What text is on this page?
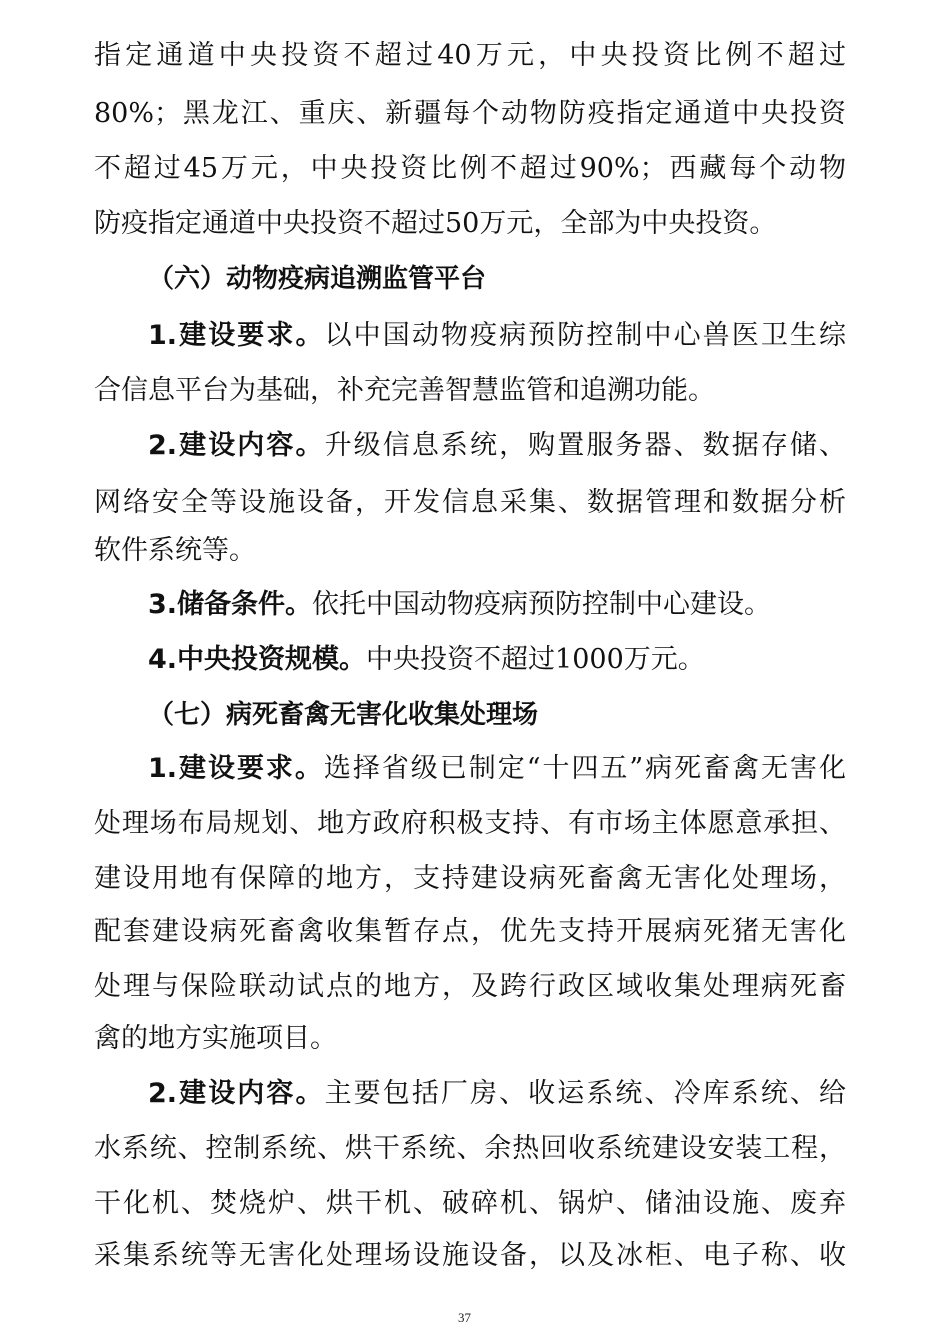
指定通道中央投资不超过40万元，中央投资比例不超过
80%；黑龙江、重庆、新疆每个动物防疫指定通道中央投资
不超过45万元，中央投资比例不超过90%；西藏每个动物
防疫指定通道中央投资不超过50万元，全部为中央投资。
（六）动物疫病追溯监管平台
1.建设要求。以中国动物疫病预防控制中心兽医卫生综
合信息平台为基础，补充完善智慧监管和追溯功能。
2.建设内容。升级信息系统，购置服务器、数据存储、
网络安全等设施设备，开发信息采集、数据管理和数据分析
软件系统等。
3.储备条件。依托中国动物疫病预防控制中心建设。
4.中央投资规模。中央投资不超过1000万元。
（七）病死畜禽无害化收集处理场
1.建设要求。选择省级已制定“十四五”病死畜禽无害化
处理场布局规划、地方政府积极支持、有市场主体愿意承担、
建设用地有保障的地方，支持建设病死畜禽无害化处理场，
配套建设病死畜禽收集暂存点，优先支持开展病死猪无害化
处理与保险联动试点的地方，及跨行政区域收集处理病死畜
禽的地方实施项目。
2.建设内容。主要包括厂房、收运系统、冷库系统、给
水系统、控制系统、烘干系统、余热回收系统建设安装工程，
干化机、焚烧炉、烘干机、破碎机、锅炉、储油设施、废弃
采集系统等无害化处理场设施设备，以及冰柜、电子称、收
37
